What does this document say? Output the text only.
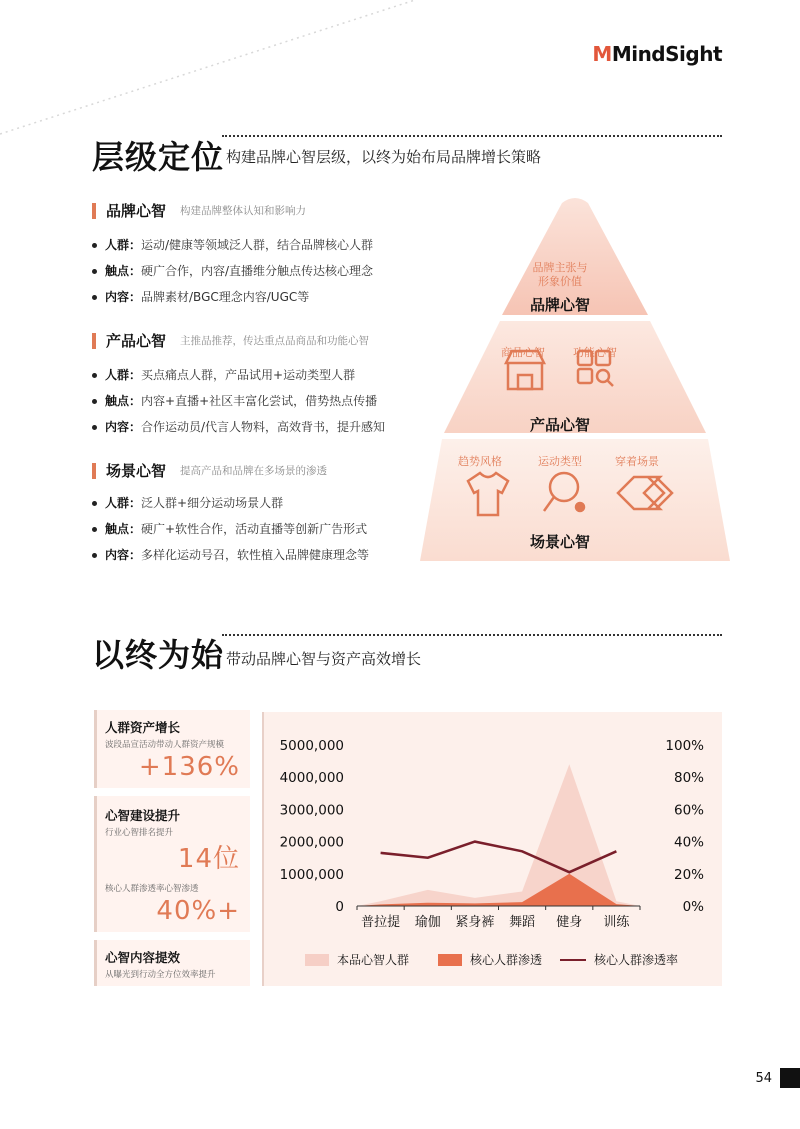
MMindSight
层级定位 构建品牌心智层级，以终为始布局品牌增长策略
品牌心智 构建品牌整体认知和影响力
人群：运动/健康等领域泛人群，结合品牌核心人群
触点：硬广合作，内容/直播维分触点传达核心理念
内容：品牌素材/BGC理念内容/UGC等
产品心智 主推品推荐，传达重点品商品和功能心智
人群：买点痛点人群，产品试用+运动类型人群
触点：内容+直播+社区丰富化尝试，借势热点传播
内容：合作运动员/代言人物料，高效背书，提升感知
场景心智 提高产品和品牌在多场景的渗透
人群：泛人群+细分运动场景人群
触点：硬广+软性合作，活动直播等创新广告形式
内容：多样化运动号召，软性植入品牌健康理念等
品牌主张与
形象价值
品牌心智
商品心智	功能心智
产品心智
趋势风格	运动类型	穿着场景
场景心智
以终为始 带动品牌心智与资产高效增长
人群资产增长
波段品宣活动带动人群资产规模
+136%
心智建设提升
行业心智排名提升
14位
核心人群渗透率心智渗透
40%+
心智内容提效
从曝光到行动全方位效率提升
5000,000
4000,000
3000,000
2000,000
1000,000
0
100%
80%
60%
40%
20%
0%
普拉提 瑜伽 紧身裤 舞蹈 健身 训练
本品心智人群	核心人群渗透	核心人群渗透率
54
